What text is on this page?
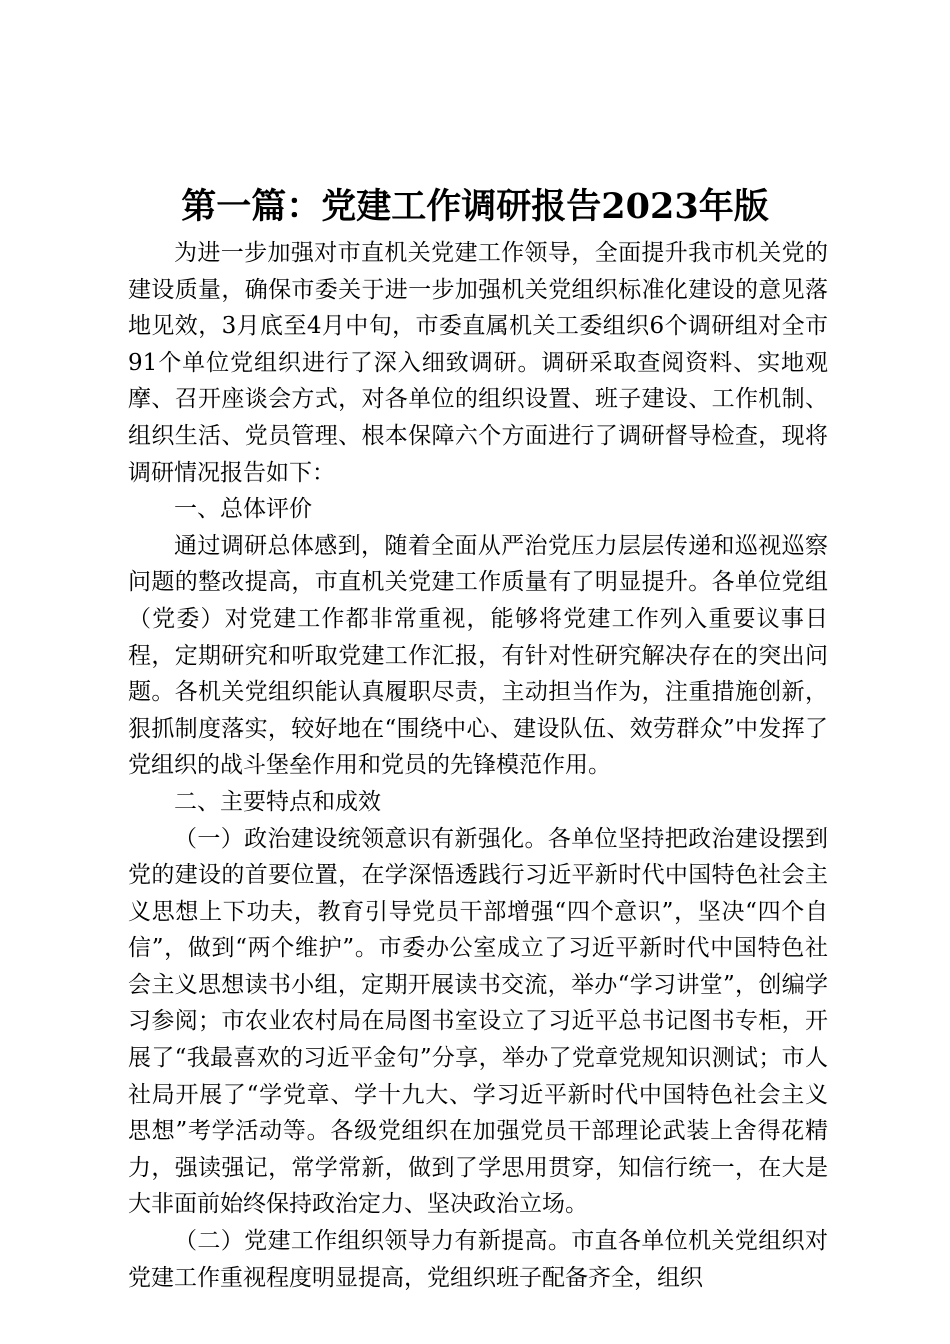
第一篇：党建工作调研报告2023年版

为进一步加强对市直机关党建工作领导，全面提升我市机关党的建设质量，确保市委关于进一步加强机关党组织标准化建设的意见落地见效，3月底至4月中旬，市委直属机关工委组织6个调研组对全市91个单位党组织进行了深入细致调研。调研采取查阅资料、实地观摩、召开座谈会方式，对各单位的组织设置、班子建设、工作机制、组织生活、党员管理、根本保障六个方面进行了调研督导检查，现将调研情况报告如下：

一、总体评价

通过调研总体感到，随着全面从严治党压力层层传递和巡视巡察问题的整改提高，市直机关党建工作质量有了明显提升。各单位党组（党委）对党建工作都非常重视，能够将党建工作列入重要议事日程，定期研究和听取党建工作汇报，有针对性研究解决存在的突出问题。各机关党组织能认真履职尽责，主动担当作为，注重措施创新，狠抓制度落实，较好地在“围绕中心、建设队伍、效劳群众”中发挥了党组织的战斗堡垒作用和党员的先锋模范作用。

二、主要特点和成效

（一）政治建设统领意识有新强化。各单位坚持把政治建设摆到党的建设的首要位置，在学深悟透践行习近平新时代中国特色社会主义思想上下功夫，教育引导党员干部增强“四个意识”，坚决“四个自信”，做到“两个维护”。市委办公室成立了习近平新时代中国特色社会主义思想读书小组，定期开展读书交流，举办“学习讲堂”，创编学习参阅；市农业农村局在局图书室设立了习近平总书记图书专柜，开展了“我最喜欢的习近平金句”分享，举办了党章党规知识测试；市人社局开展了“学党章、学十九大、学习近平新时代中国特色社会主义思想”考学活动等。各级党组织在加强党员干部理论武装上舍得花精力，强读强记，常学常新，做到了学思用贯穿，知信行统一，在大是大非面前始终保持政治定力、坚决政治立场。

（二）党建工作组织领导力有新提高。市直各单位机关党组织对党建工作重视程度明显提高，党组织班子配备齐全，组织
